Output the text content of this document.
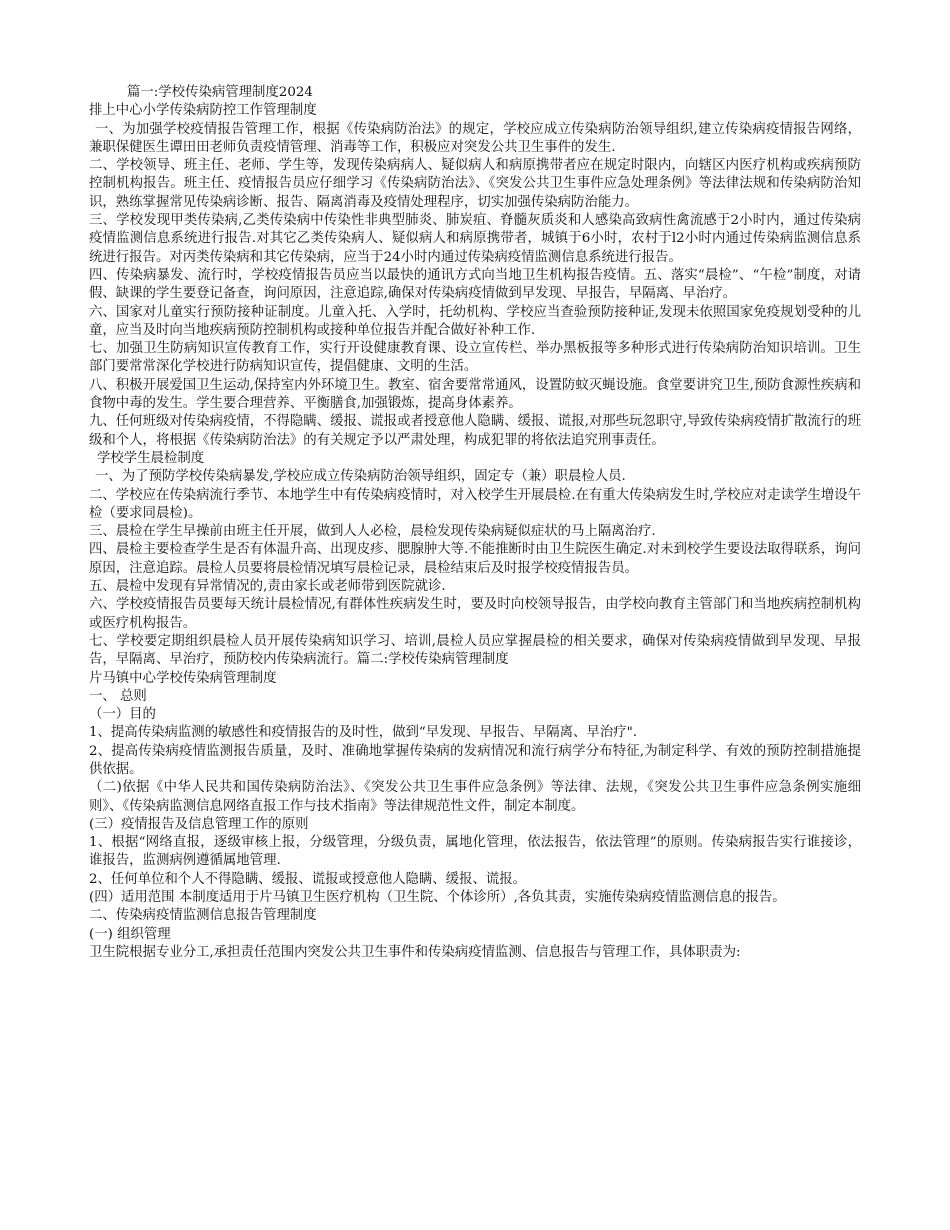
篇一:学校传染病管理制度2024

排上中心小学传染病防控工作管理制度

一、为加强学校疫情报告管理工作，根据《传染病防治法》的规定，学校应成立传染病防治领导组织,建立传染病疫情报告网络，兼职保健医生谭田田老师负责疫情管理、消毒等工作，积极应对突发公共卫生事件的发生.

二、学校领导、班主任、老师、学生等，发现传染病病人、疑似病人和病原携带者应在规定时限内，向辖区内医疗机构或疾病预防控制机构报告。班主任、疫情报告员应仔细学习《传染病防治法》、《突发公共卫生事件应急处理条例》等法律法规和传染病防治知识，熟练掌握常见传染病诊断、报告、隔离消毒及疫情处理程序，切实加强传染病防治能力。

三、学校发现甲类传染病,乙类传染病中传染性非典型肺炎、肺炭疽、脊髓灰质炎和人感染高致病性禽流感于2小时内，通过传染病疫情监测信息系统进行报告.对其它乙类传染病人、疑似病人和病原携带者，城镇于6小时，农村于l2小时内通过传染病监测信息系统进行报告。对丙类传染病和其它传染病，应当于24小时内通过传染病疫情监测信息系统进行报告。

四、传染病暴发、流行时，学校疫情报告员应当以最快的通讯方式向当地卫生机构报告疫情。五、落实“晨检”、“午检”制度，对请假、缺课的学生要登记备查，询问原因，注意追踪,确保对传染病疫情做到早发现、早报告，早隔离、早治疗。

六、国家对儿童实行预防接种证制度。儿童入托、入学时，托幼机构、学校应当查验预防接种证,发现未依照国家免疫规划受种的儿童，应当及时向当地疾病预防控制机构或接种单位报告并配合做好补种工作.

七、加强卫生防病知识宣传教育工作，实行开设健康教育课、设立宣传栏、举办黑板报等多种形式进行传染病防治知识培训。卫生部门要常常深化学校进行防病知识宣传，提倡健康、文明的生活。

八、积极开展爱国卫生运动,保持室内外环境卫生。教室、宿舍要常常通风，设置防蚊灭蝇设施。食堂要讲究卫生,预防食源性疾病和食物中毒的发生。学生要合理营养、平衡膳食,加强锻炼，提高身体素养。

九、任何班级对传染病疫情，不得隐瞒、缓报、谎报或者授意他人隐瞒、缓报、谎报,对那些玩忽职守,导致传染病疫情扩散流行的班级和个人，将根据《传染病防治法》的有关规定予以严肃处理，构成犯罪的将依法追究刑事责任。

学校学生晨检制度

一、为了预防学校传染病暴发,学校应成立传染病防治领导组织，固定专（兼）职晨检人员.

二、学校应在传染病流行季节、本地学生中有传染病疫情时，对入校学生开展晨检.在有重大传染病发生时,学校应对走读学生增设午检（要求同晨检)。

三、晨检在学生早操前由班主任开展，做到人人必检，晨检发现传染病疑似症状的马上隔离治疗.

四、晨检主要检查学生是否有体温升高、出现皮疹、腮腺肿大等.不能推断时由卫生院医生确定.对未到校学生要设法取得联系，询问原因，注意追踪。晨检人员要将晨检情况填写晨检记录，晨检结束后及时报学校疫情报告员。

五、晨检中发现有异常情况的,责由家长或老师带到医院就诊.

六、学校疫情报告员要每天统计晨检情况,有群体性疾病发生时，要及时向校领导报告，由学校向教育主管部门和当地疾病控制机构或医疗机构报告。

七、学校要定期组织晨检人员开展传染病知识学习、培训,晨检人员应掌握晨检的相关要求，确保对传染病疫情做到早发现、早报告，早隔离、早治疗，预防校内传染病流行。篇二:学校传染病管理制度

片马镇中心学校传染病管理制度

一、 总则

（一）目的

1、提高传染病监测的敏感性和疫情报告的及时性，做到“早发现、早报告、早隔离、早治疗".

2、提高传染病疫情监测报告质量，及时、准确地掌握传染病的发病情况和流行病学分布特征,为制定科学、有效的预防控制措施提供依据。

（二)依据《中华人民共和国传染病防治法》、《突发公共卫生事件应急条例》等法律、法规，《突发公共卫生事件应急条例实施细则》、《传染病监测信息网络直报工作与技术指南》等法律规范性文件，制定本制度。

(三）疫情报告及信息管理工作的原则

1、根据“网络直报，逐级审核上报，分级管理，分级负责，属地化管理，依法报告，依法管理”的原则。传染病报告实行谁接诊，谁报告，监测病例遵循属地管理.

2、任何单位和个人不得隐瞒、缓报、谎报或授意他人隐瞒、缓报、谎报。

(四）适用范围 本制度适用于片马镇卫生医疗机构（卫生院、个体诊所）,各负其责，实施传染病疫情监测信息的报告。

二、传染病疫情监测信息报告管理制度

(一) 组织管理

卫生院根据专业分工,承担责任范围内突发公共卫生事件和传染病疫情监测、信息报告与管理工作，具体职责为:
